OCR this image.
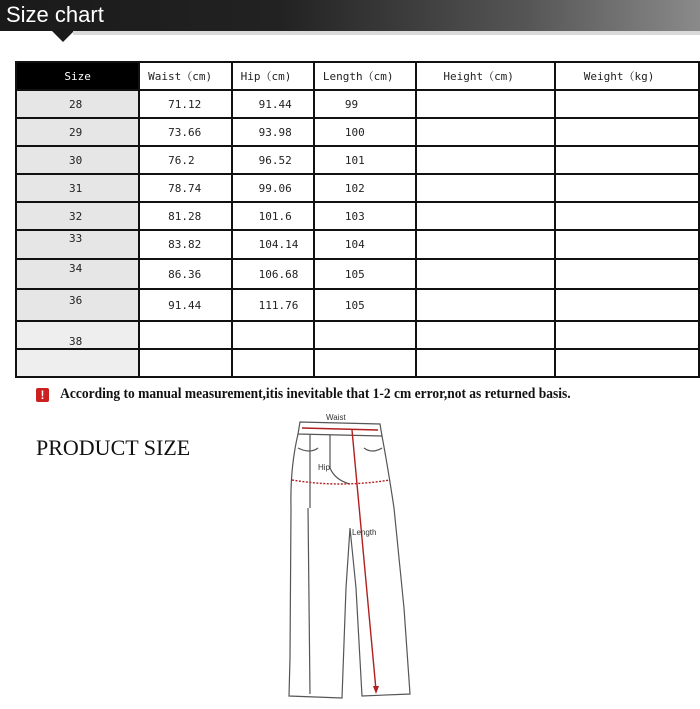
Size chart
Size	Waist（cm)	Hip（cm)	Length（cm)	Height（cm)	Weight（kg)
28	71.12	91.44	99		
29	73.66	93.98	100		
30	76.2	96.52	101		
31	78.74	99.06	102		
32	81.28	101.6	103		
33	83.82	104.14	104		
34	86.36	106.68	105		
36	91.44	111.76	105		
38					

! According to manual measurement,itis inevitable that 1-2 cm error,not as returned basis.
PRODUCT SIZE
Waist
Hip
Length
